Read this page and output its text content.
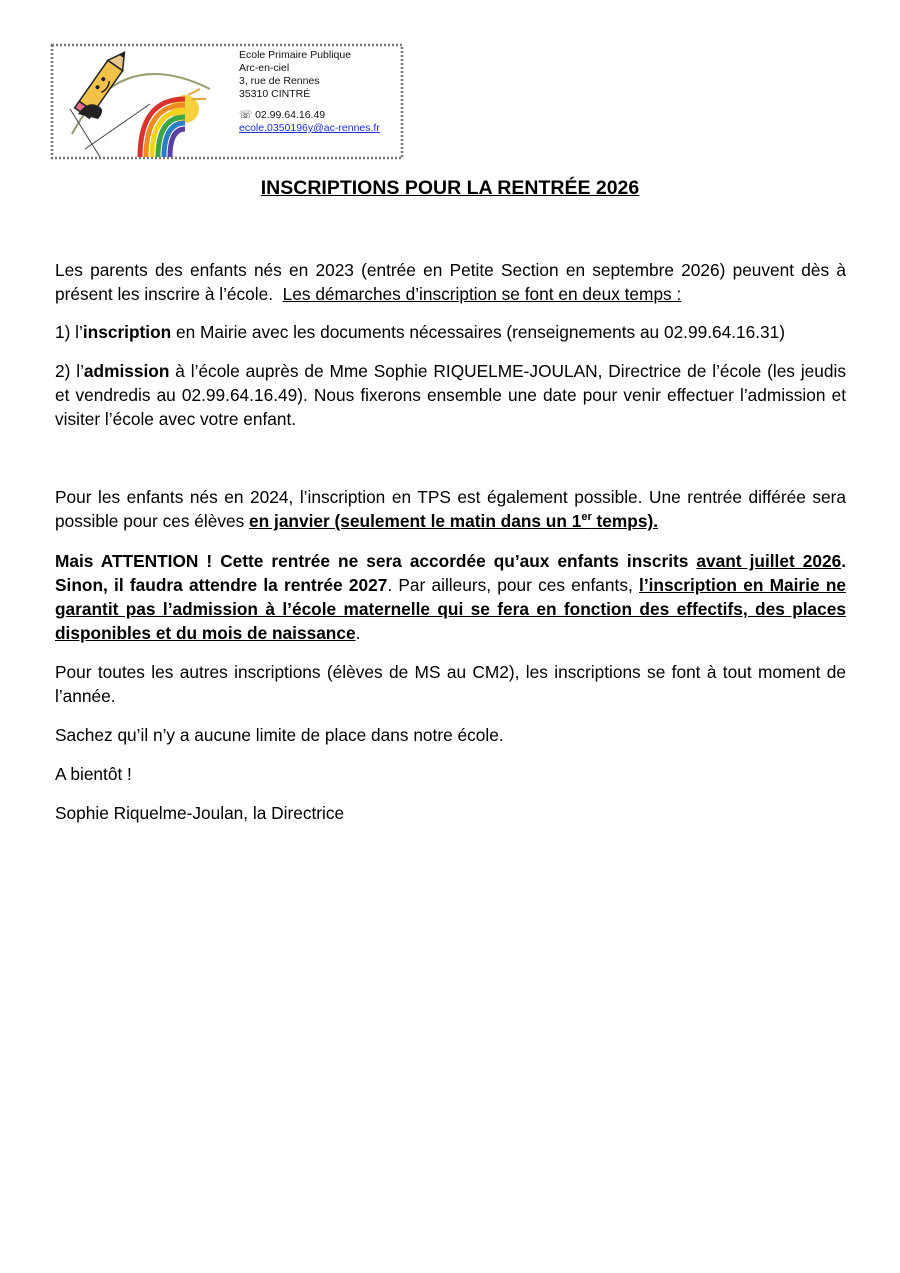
Ecole Primaire Publique
Arc-en-ciel
3, rue de Rennes
35310 CINTRÉ
☏ 02.99.64.16.49
ecole.0350196y@ac-rennes.fr
INSCRIPTIONS POUR LA RENTRÉE 2026

Les parents des enfants nés en 2023 (entrée en Petite Section en septembre 2026) peuvent dès à présent les inscrire à l’école. Les démarches d’inscription se font en deux temps :

1) l’inscription en Mairie avec les documents nécessaires (renseignements au 02.99.64.16.31)

2) l’admission à l’école auprès de Mme Sophie RIQUELME-JOULAN, Directrice de l’école (les jeudis et vendredis au 02.99.64.16.49). Nous fixerons ensemble une date pour venir effectuer l’admission et visiter l’école avec votre enfant.

Pour les enfants nés en 2024, l’inscription en TPS est également possible. Une rentrée différée sera possible pour ces élèves en janvier (seulement le matin dans un 1er temps).

Mais ATTENTION ! Cette rentrée ne sera accordée qu’aux enfants inscrits avant juillet 2026. Sinon, il faudra attendre la rentrée 2027. Par ailleurs, pour ces enfants, l’inscription en Mairie ne garantit pas l’admission à l’école maternelle qui se fera en fonction des effectifs, des places disponibles et du mois de naissance.

Pour toutes les autres inscriptions (élèves de MS au CM2), les inscriptions se font à tout moment de l’année.

Sachez qu’il n’y a aucune limite de place dans notre école.

A bientôt !

Sophie Riquelme-Joulan, la Directrice
